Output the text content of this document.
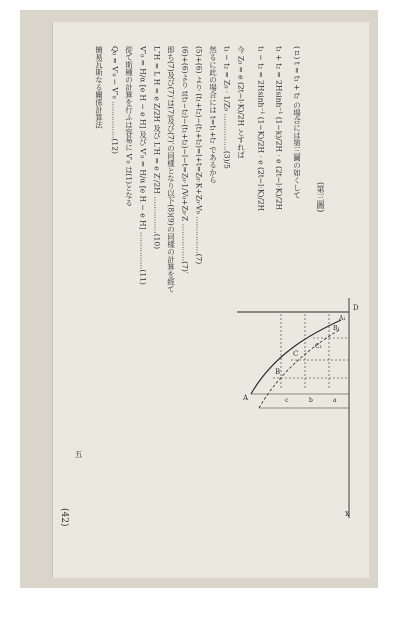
(42)
五
簡易瓦斯なる關係計算法 Q₀ = V′₀ − V″₀ ……………(12) 從て斯種の計算を行ふは容易に V′₀ は(1)となる V″₀ = H/α [e H − e H] 及び V′₀ = H/α [e H − e H] ……………(11) L″H = L H = e Z/2H 及び L′H = e Z′/2H ……………(10) 即ち(7)及び(7)′は(7)及び(7)′の同樣となり以下(8)(9)の同樣の計算を經て (6)+(6)より t(t₁−t₂)−(t₁+t₂)−l−t=Z₀·1/V₀+Z₀·Z ……………(7)′ (5)+(6) より (t₁+t₂)−(t₁+t₂)=l+t=Z₀·K+Z₀·V₀ ……………(7) 然るに此の場合には t=t₁+t₂ であるから t₁ − t₂ = Z₀ · 1/Z₀ ……………(3)/5 今 Z₀ = e (2t−l·K)/2H とすれば t₁ − t₂ = 2Hsinh⁻¹ (1−K)/2H · e (2t−l·K)/2H t₁ + t₂ = 2Hsinh⁻¹ (1−k)/2H · e (2t−l·K)/2H (ロ) t = t₁ + t₂ の場合には第三圖の如くして
D
x
A
B
C
C₁
B₁
A₁
a
b
c
(第三圖)
